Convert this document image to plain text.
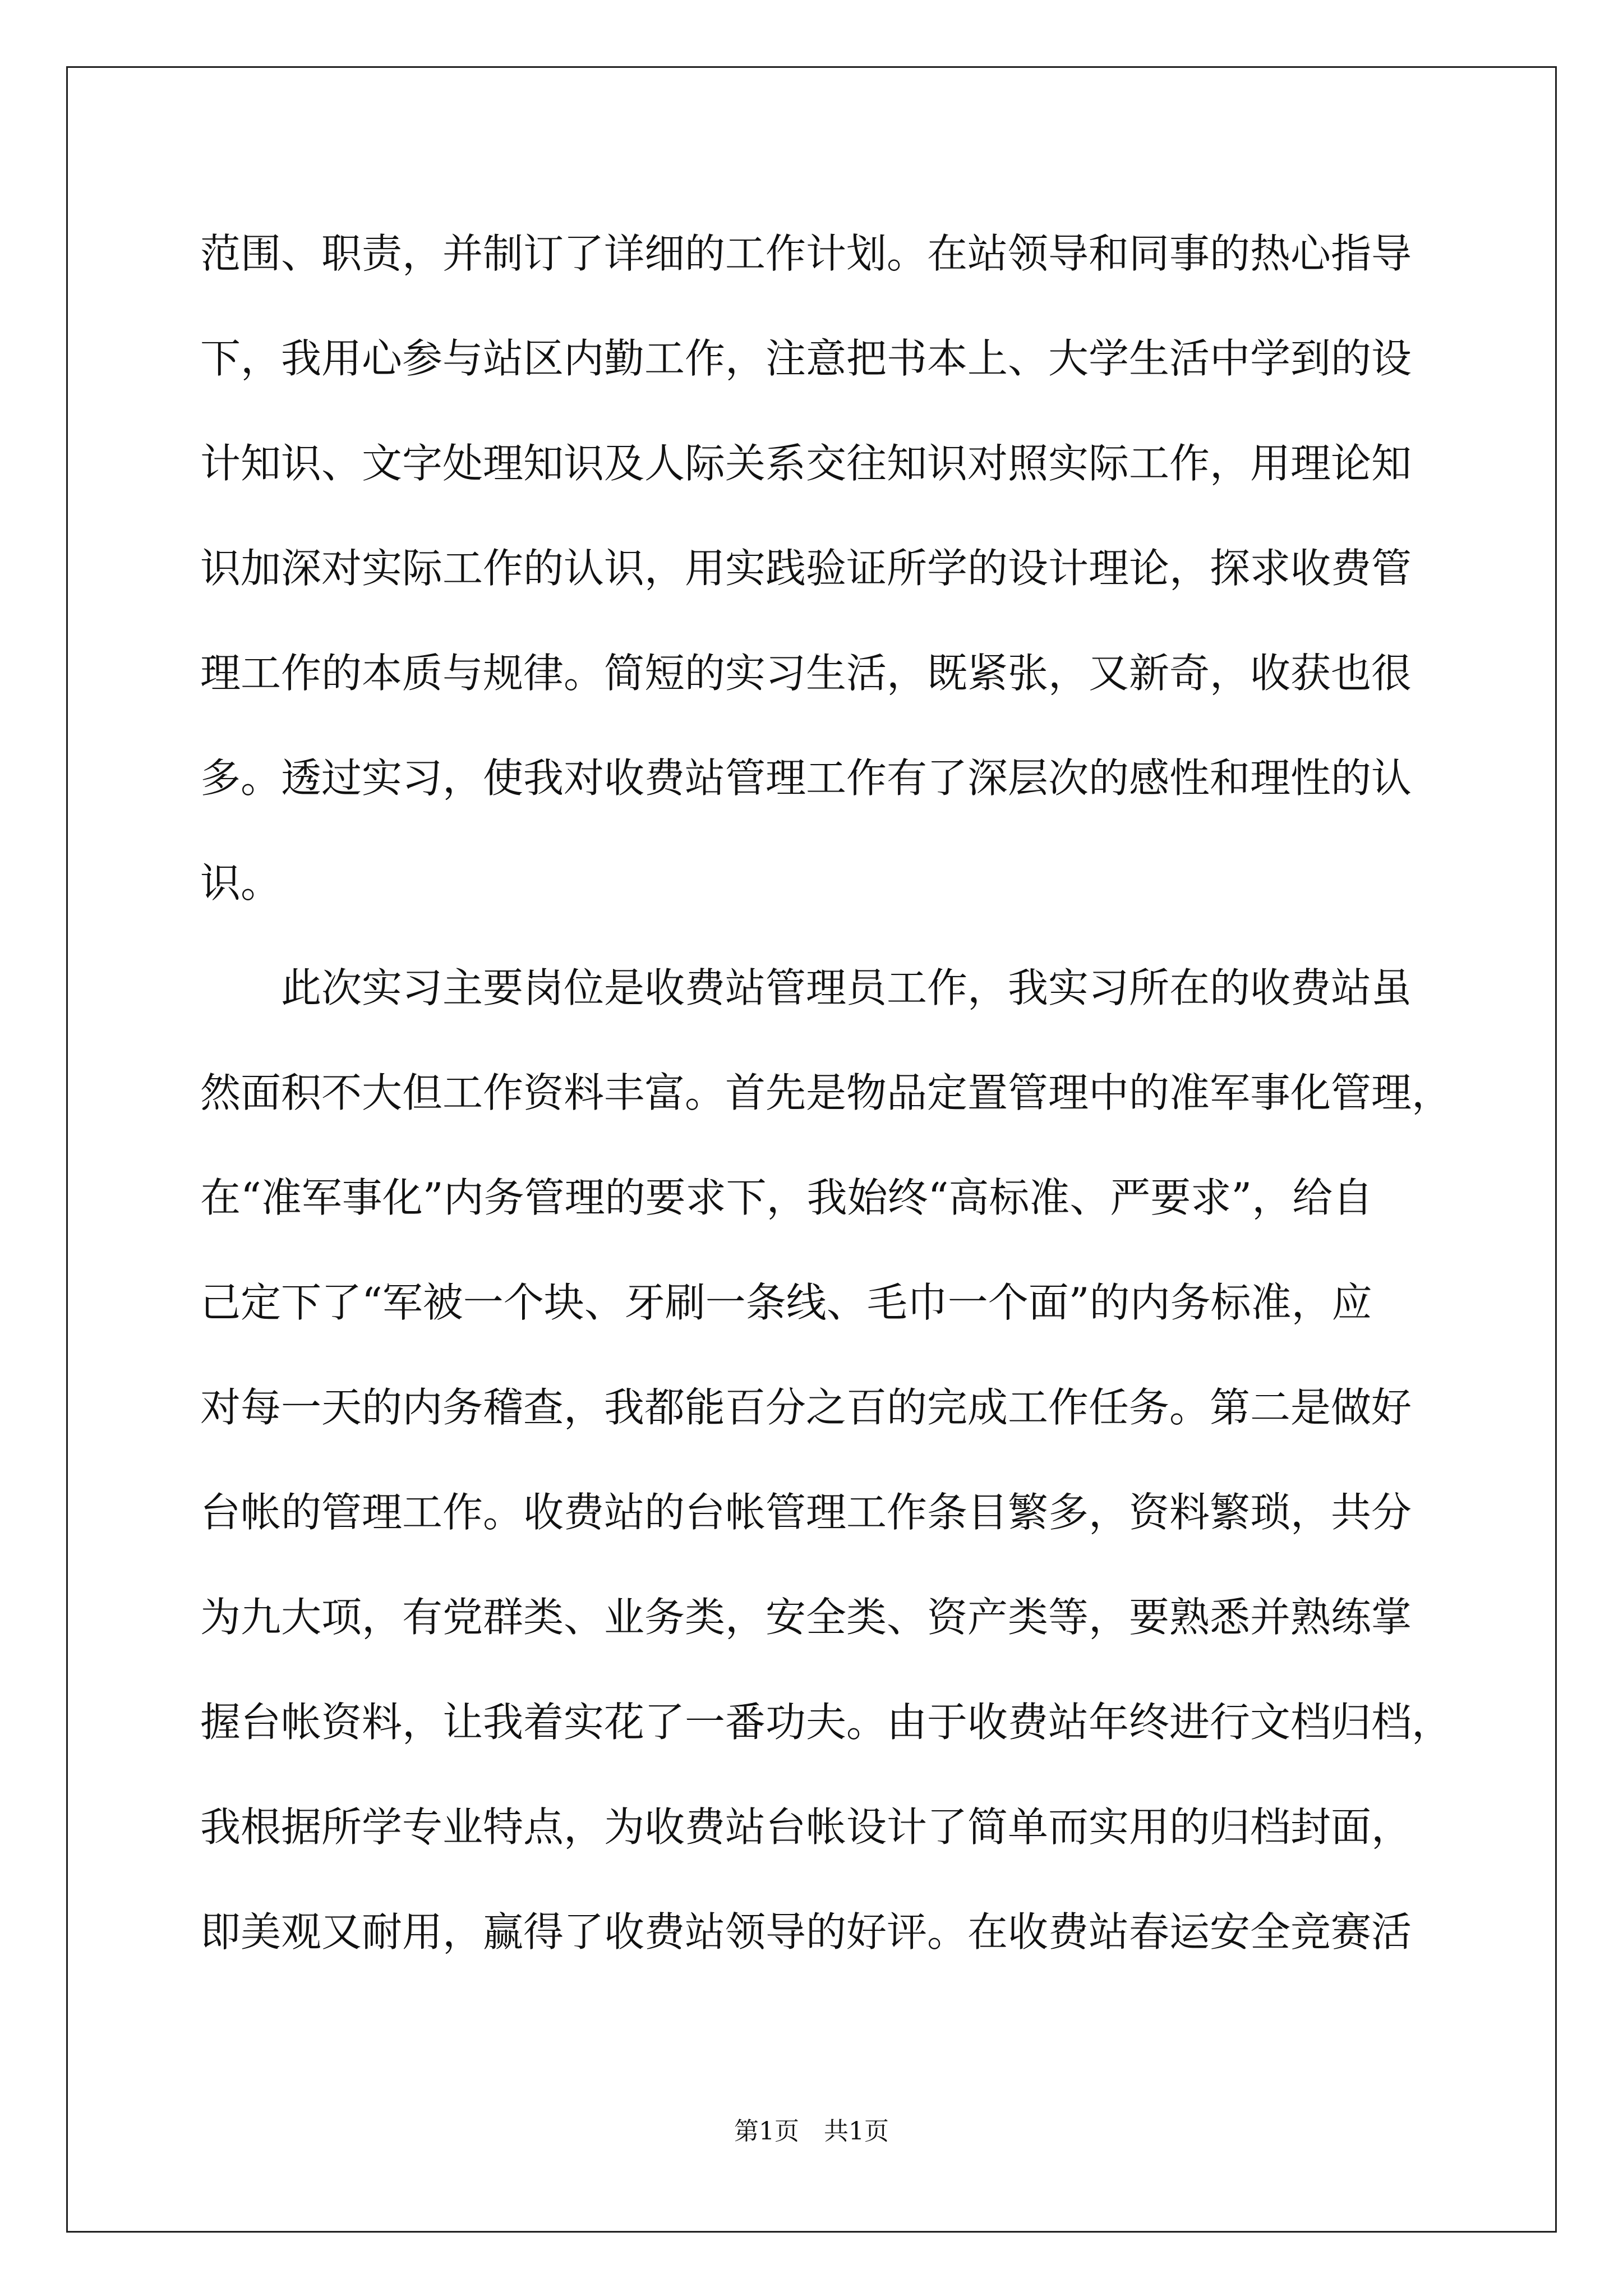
范围、职责，并制订了详细的工作计划。在站领导和同事的热心指导
下，我用心参与站区内勤工作，注意把书本上、大学生活中学到的设
计知识、文字处理知识及人际关系交往知识对照实际工作，用理论知
识加深对实际工作的认识，用实践验证所学的设计理论，探求收费管
理工作的本质与规律。简短的实习生活，既紧张，又新奇，收获也很
多。透过实习，使我对收费站管理工作有了深层次的感性和理性的认
识。
　　此次实习主要岗位是收费站管理员工作，我实习所在的收费站虽
然面积不大但工作资料丰富。首先是物品定置管理中的准军事化管理，
在“准军事化”内务管理的要求下，我始终“高标准、严要求”，给自
己定下了“军被一个块、牙刷一条线、毛巾一个面”的内务标准，应
对每一天的内务稽查，我都能百分之百的完成工作任务。第二是做好
台帐的管理工作。收费站的台帐管理工作条目繁多，资料繁琐，共分
为九大项，有党群类、业务类，安全类、资产类等，要熟悉并熟练掌
握台帐资料，让我着实花了一番功夫。由于收费站年终进行文档归档，
我根据所学专业特点，为收费站台帐设计了简单而实用的归档封面，
即美观又耐用，赢得了收费站领导的好评。在收费站春运安全竞赛活
第1页　共1页
